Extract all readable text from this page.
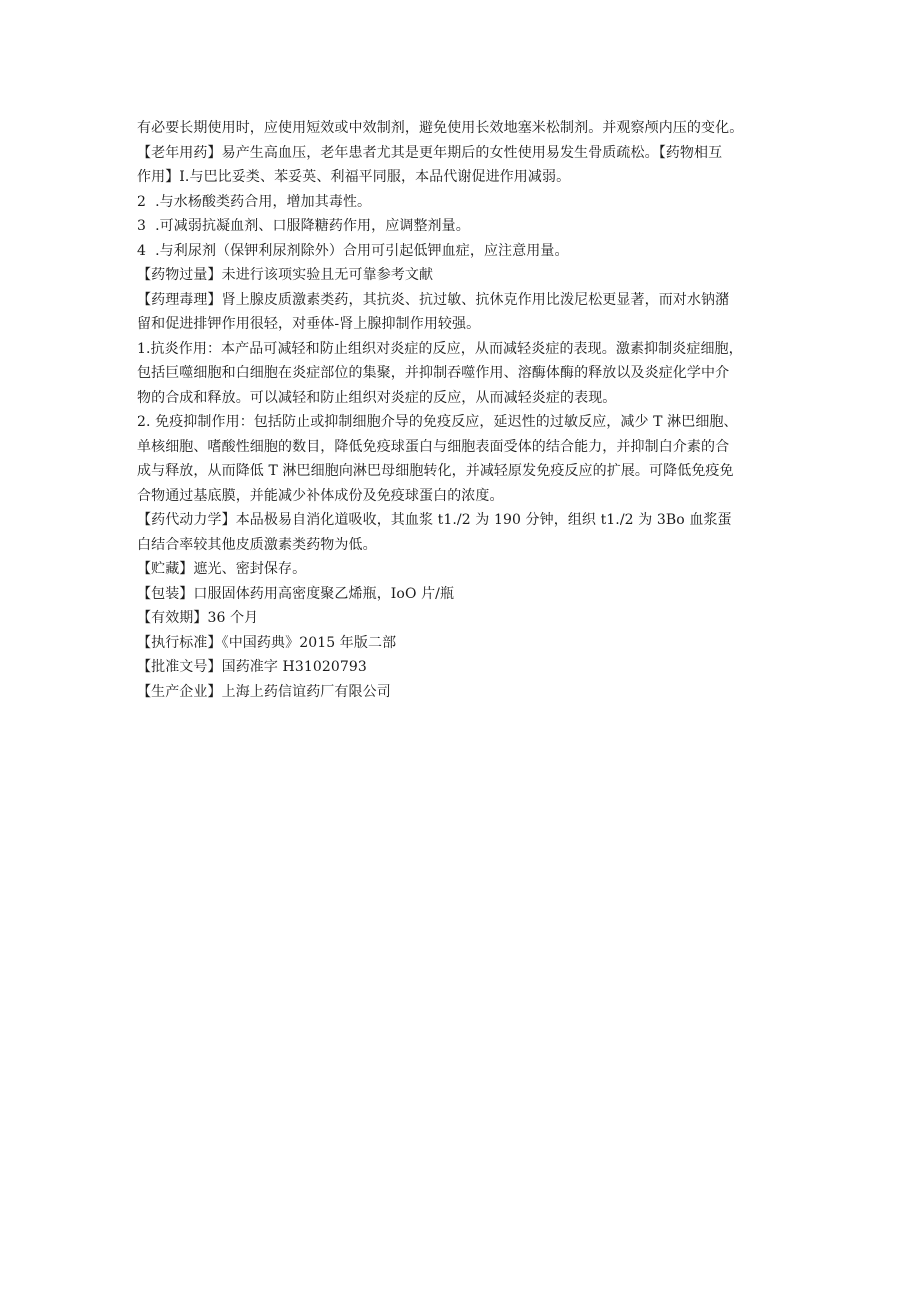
有必要长期使用时，应使用短效或中效制剂，避免使用长效地塞米松制剂。并观察颅内压的变化。
【老年用药】易产生高血压，老年患者尤其是更年期后的女性使用易发生骨质疏松。【药物相互
作用】I.与巴比妥类、苯妥英、利福平同服，本品代谢促进作用减弱。
2  .与水杨酸类药合用，增加其毒性。
3  .可减弱抗凝血剂、口服降糖药作用，应调整剂量。
4  .与利尿剂（保钾利尿剂除外）合用可引起低钾血症，应注意用量。
【药物过量】未进行该项实验且无可靠参考文献
【药理毒理】肾上腺皮质激素类药，其抗炎、抗过敏、抗休克作用比泼尼松更显著，而对水钠潴
留和促进排钾作用很轻，对垂体-肾上腺抑制作用较强。
1.抗炎作用：本产品可减轻和防止组织对炎症的反应，从而减轻炎症的表现。激素抑制炎症细胞，
包括巨噬细胞和白细胞在炎症部位的集聚，并抑制吞噬作用、溶酶体酶的释放以及炎症化学中介
物的合成和释放。可以减轻和防止组织对炎症的反应，从而减轻炎症的表现。
2. 免疫抑制作用：包括防止或抑制细胞介导的免疫反应，延迟性的过敏反应，减少 T 淋巴细胞、
单核细胞、嗜酸性细胞的数目，降低免疫球蛋白与细胞表面受体的结合能力，并抑制白介素的合
成与释放，从而降低 T 淋巴细胞向淋巴母细胞转化，并减轻原发免疫反应的扩展。可降低免疫免
合物通过基底膜，并能减少补体成份及免疫球蛋白的浓度。
【药代动力学】本品极易自消化道吸收，其血浆 t1./2 为 190 分钟，组织 t1./2 为 3Bo 血浆蛋
白结合率较其他皮质激素类药物为低。
【贮藏】遮光、密封保存。
【包装】口服固体药用高密度聚乙烯瓶，IoO 片/瓶
【有效期】36 个月
【执行标准】《中国药典》2015 年版二部
【批准文号】国药准字 H31020793
【生产企业】上海上药信谊药厂有限公司
